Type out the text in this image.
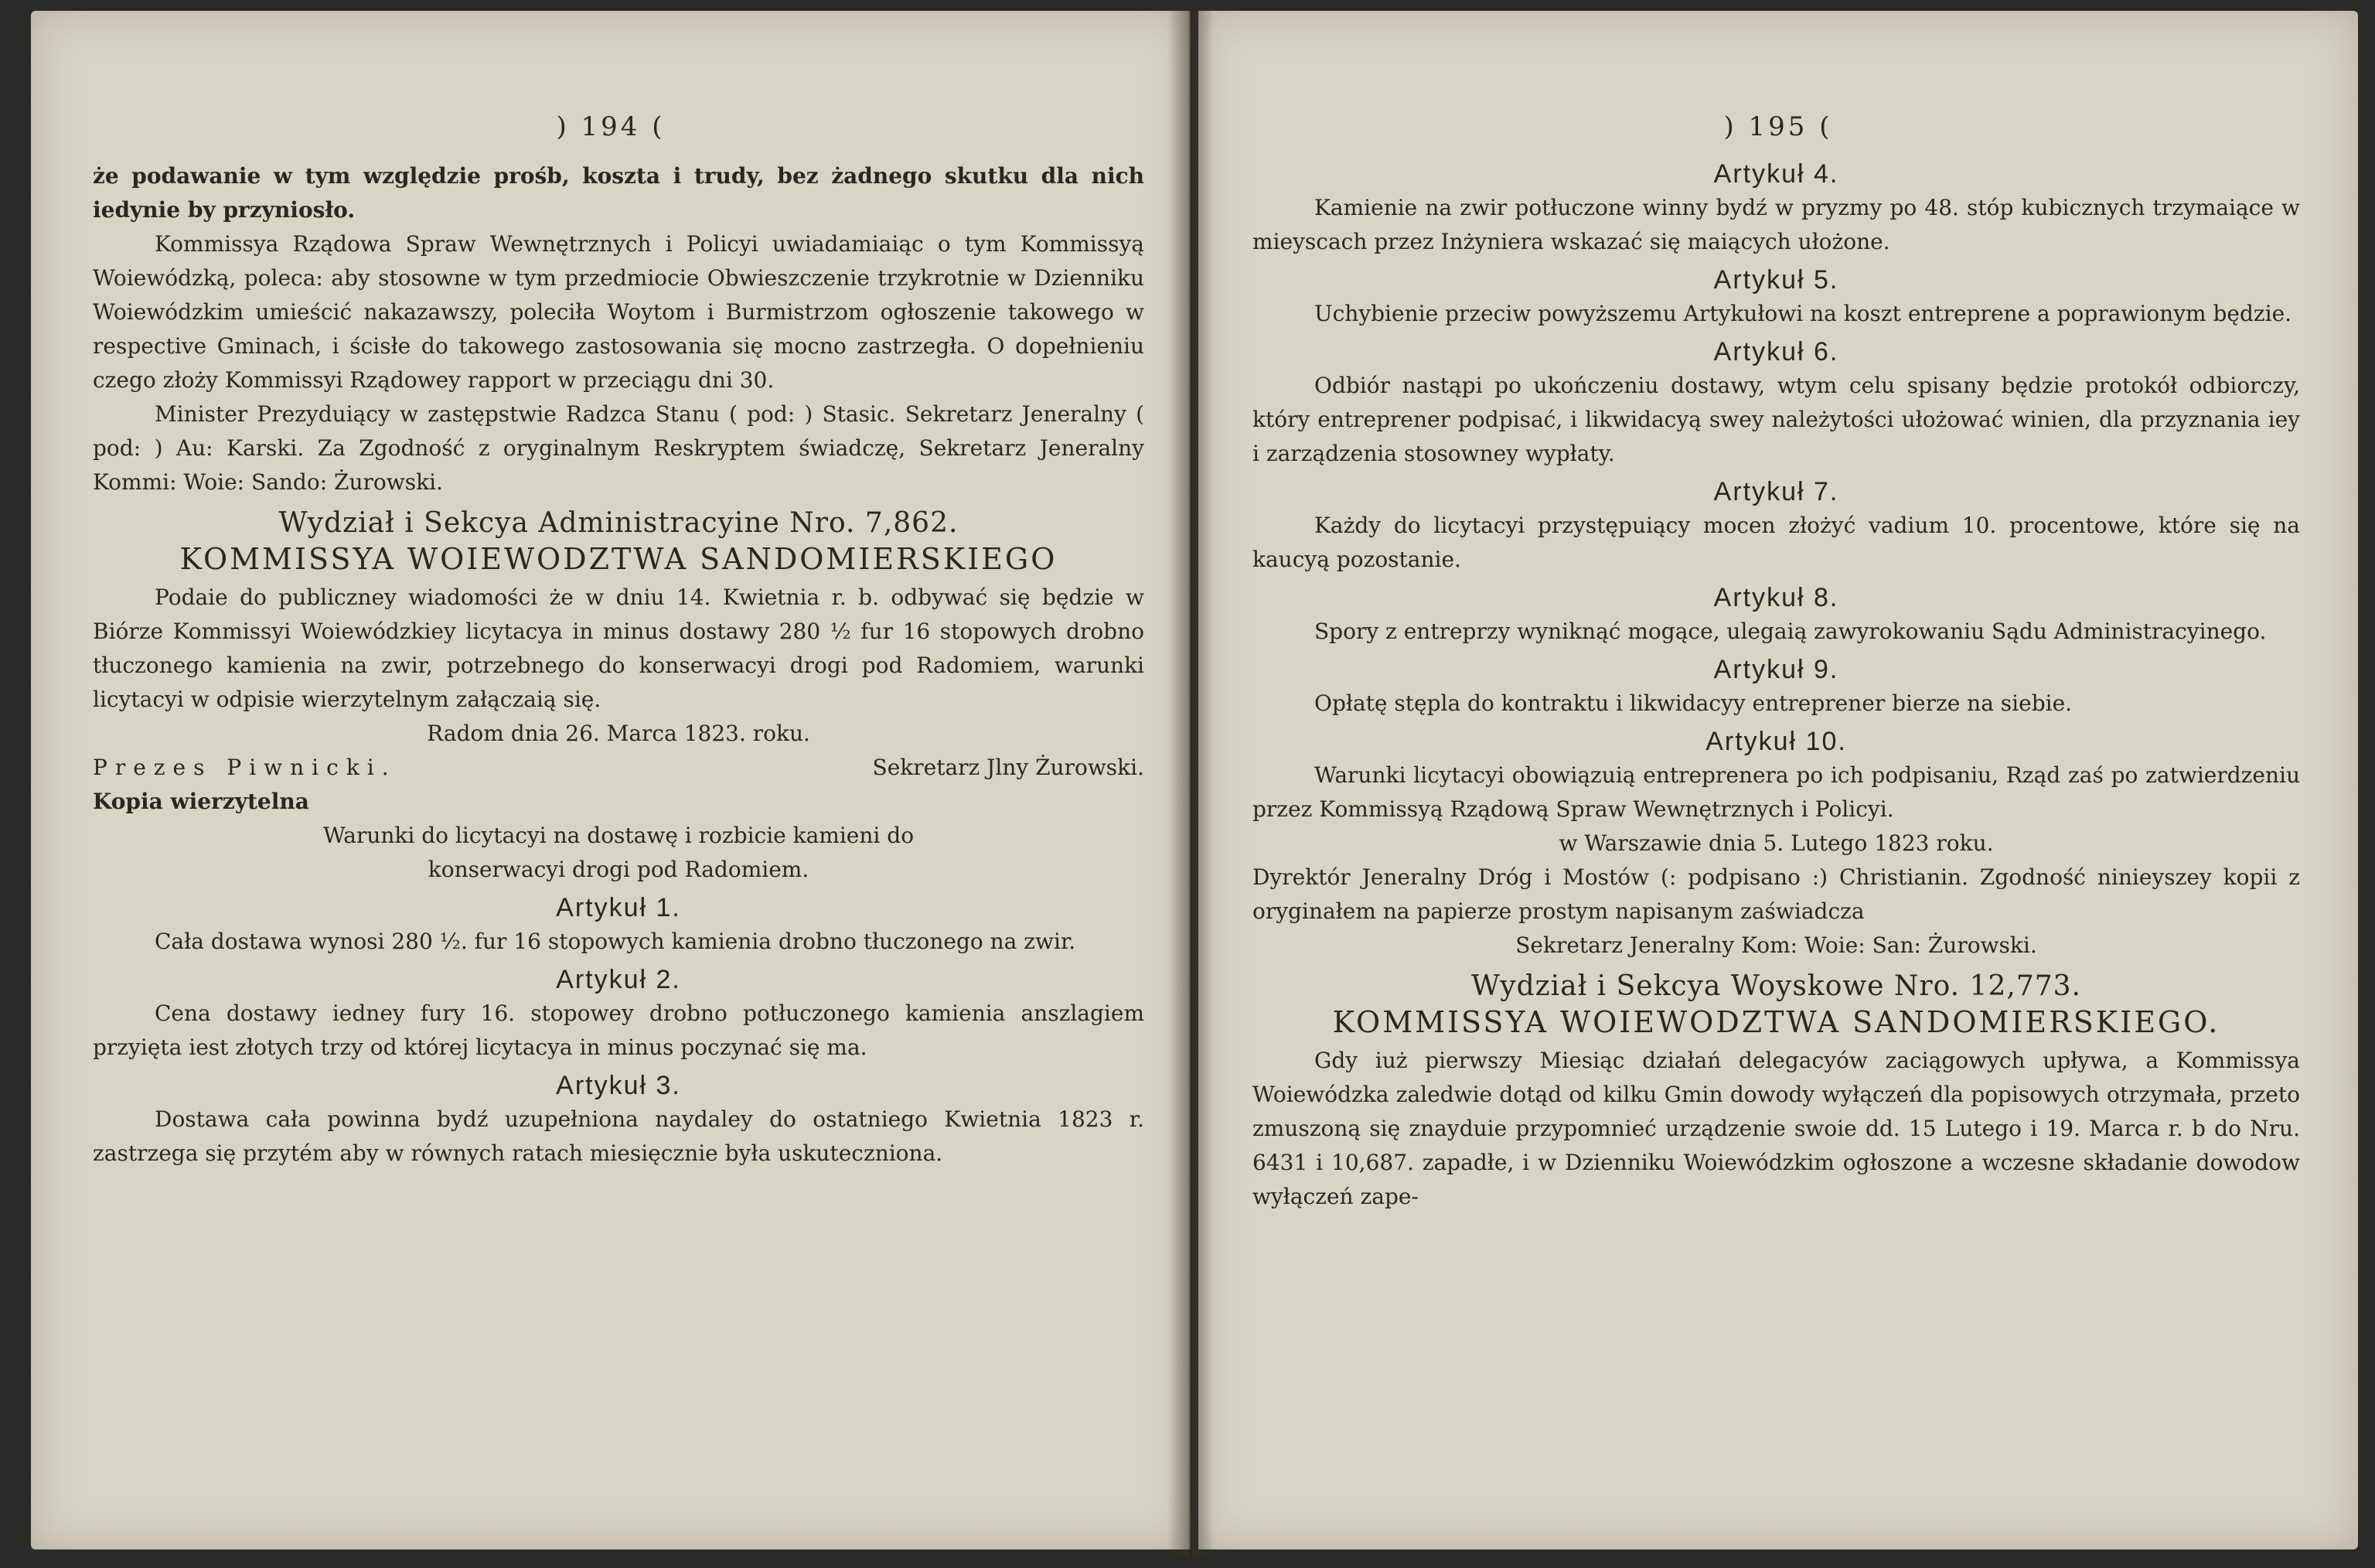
) 194 (

że podawanie w tym względzie prośb, koszta i trudy, bez żadnego skutku dla nich iedynie by przyniosło.

Kommissya Rządowa Spraw Wewnętrznych i Policyi uwiadamiaiąc o tym Kommissyą Woiewódzką, poleca: aby stosowne w tym przedmiocie Obwieszczenie trzykrotnie w Dzienniku Woiewódzkim umieścić nakazawszy, poleciła Woytom i Burmistrzom ogłoszenie takowego w respective Gminach, i ścisłe do takowego zastosowania się mocno zastrzegła. O dopełnieniu czego złoży Kommissyi Rządowey rapport w przeciągu dni 30.

Minister Prezyduiący w zastępstwie Radzca Stanu ( pod: ) Stasic. Sekretarz Jeneralny ( pod: ) Au: Karski. Za Zgodność z oryginalnym Reskryptem świadczę, Sekretarz Jeneralny Kommi: Woie: Sando: Żurowski.

Wydział i Sekcya Administracyine Nro. 7,862.
KOMMISSYA WOIEWODZTWA SANDOMIERSKIEGO

Podaie do publiczney wiadomości że w dniu 14. Kwietnia r. b. odbywać się będzie w Biórze Kommissyi Woiewódzkiey licytacya in minus dostawy 280 ½ fur 16 stopowych drobno tłuczonego kamienia na zwir, potrzebnego do konserwacyi drogi pod Radomiem, warunki licytacyi w odpisie wierzytelnym załączaią się.

Radom dnia 26. Marca 1823. roku.
Prezes Piwnicki.	Sekretarz Jlny Żurowski.

Kopia wierzytelna

Warunki do licytacyi na dostawę i rozbicie kamieni do
konserwacyi drogi pod Radomiem.
Artykuł 1.

Cała dostawa wynosi 280 ½. fur 16 stopowych kamienia drobno tłuczonego na zwir.

Artykuł 2.

Cena dostawy iedney fury 16. stopowey drobno potłuczonego kamienia anszlagiem przyięta iest złotych trzy od której licytacya in minus poczynać się ma.

Artykuł 3.

Dostawa cała powinna bydź uzupełniona naydaley do ostatniego Kwietnia 1823 r. zastrzega się przytém aby w równych ratach miesięcznie była uskuteczniona.

) 195 (
Artykuł 4.

Kamienie na zwir potłuczone winny bydź w pryzmy po 48. stóp kubicznych trzymaiące w mieyscach przez Inżyniera wskazać się maiących ułożone.

Artykuł 5.

Uchybienie przeciw powyższemu Artykułowi na koszt entreprene a poprawionym będzie.

Artykuł 6.

Odbiór nastąpi po ukończeniu dostawy, wtym celu spisany będzie protokół odbiorczy, który entreprener podpisać, i likwidacyą swey należytości ułożować winien, dla przyznania iey i zarządzenia stosowney wypłaty.

Artykuł 7.

Każdy do licytacyi przystępuiący mocen złożyć vadium 10. procentowe, które się na kaucyą pozostanie.

Artykuł 8.

Spory z entreprzy wyniknąć mogące, ulegaią zawyrokowaniu Sądu Administracyinego.

Artykuł 9.

Opłatę stępla do kontraktu i likwidacyy entreprener bierze na siebie.

Artykuł 10.

Warunki licytacyi obowiązuią entreprenera po ich podpisaniu, Rząd zaś po zatwierdzeniu przez Kommissyą Rządową Spraw Wewnętrznych i Policyi.

w Warszawie dnia 5. Lutego 1823 roku.

Dyrektór Jeneralny Dróg i Mostów (: podpisano :) Christianin. Zgodność ninieyszey kopii z oryginałem na papierze prostym napisanym zaświadcza

Sekretarz Jeneralny Kom: Woie: San: Żurowski.
Wydział i Sekcya Woyskowe Nro. 12,773.
KOMMISSYA WOIEWODZTWA SANDOMIERSKIEGO.

Gdy iuż pierwszy Miesiąc działań delegacyów zaciągowych upływa, a Kommissya Woiewódzka zaledwie dotąd od kilku Gmin dowody wyłączeń dla popisowych otrzymała, przeto zmuszoną się znayduie przypomnieć urządzenie swoie dd. 15 Lutego i 19. Marca r. b do Nru. 6431 i 10,687. zapadłe, i w Dzienniku Woiewódzkim ogłoszone a wczesne składanie dowodow wyłączeń zape-
